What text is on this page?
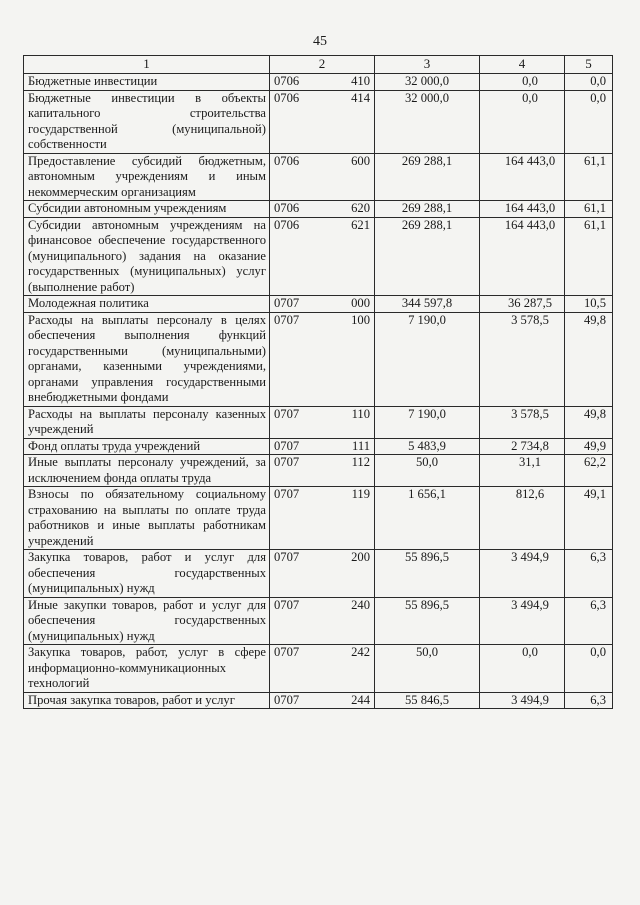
45
1	2	3	4	5
Бюджетные инвестиции	0706 410	32 000,0	0,0	0,0
Бюджетные инвестиции в объекты капитального строительства государственной (муниципальной) собственности	0706 414	32 000,0	0,0	0,0
Предоставление субсидий бюджетным, автономным учреждениям и иным некоммерческим организациям	0706 600	269 288,1	164 443,0	61,1
Субсидии автономным учреждениям	0706 620	269 288,1	164 443,0	61,1
Субсидии автономным учреждениям на финансовое обеспечение государственного (муниципального) задания на оказание государственных (муниципальных) услуг (выполнение работ)	0706 621	269 288,1	164 443,0	61,1
Молодежная политика	0707 000	344 597,8	36 287,5	10,5
Расходы на выплаты персоналу в целях обеспечения выполнения функций государственными (муниципальными) органами, казенными учреждениями, органами управления государственными внебюджетными фондами	0707 100	7 190,0	3 578,5	49,8
Расходы на выплаты персоналу казенных учреждений	0707 110	7 190,0	3 578,5	49,8
Фонд оплаты труда учреждений	0707 111	5 483,9	2 734,8	49,9
Иные выплаты персоналу учреждений, за исключением фонда оплаты труда	0707 112	50,0	31,1	62,2
Взносы по обязательному социальному страхованию на выплаты по оплате труда работников и иные выплаты работникам учреждений	0707 119	1 656,1	812,6	49,1
Закупка товаров, работ и услуг для обеспечения государственных (муниципальных) нужд	0707 200	55 896,5	3 494,9	6,3
Иные закупки товаров, работ и услуг для обеспечения государственных (муниципальных) нужд	0707 240	55 896,5	3 494,9	6,3
Закупка товаров, работ, услуг в сфере информационно-коммуникационных технологий	0707 242	50,0	0,0	0,0
Прочая закупка товаров, работ и услуг	0707 244	55 846,5	3 494,9	6,3
